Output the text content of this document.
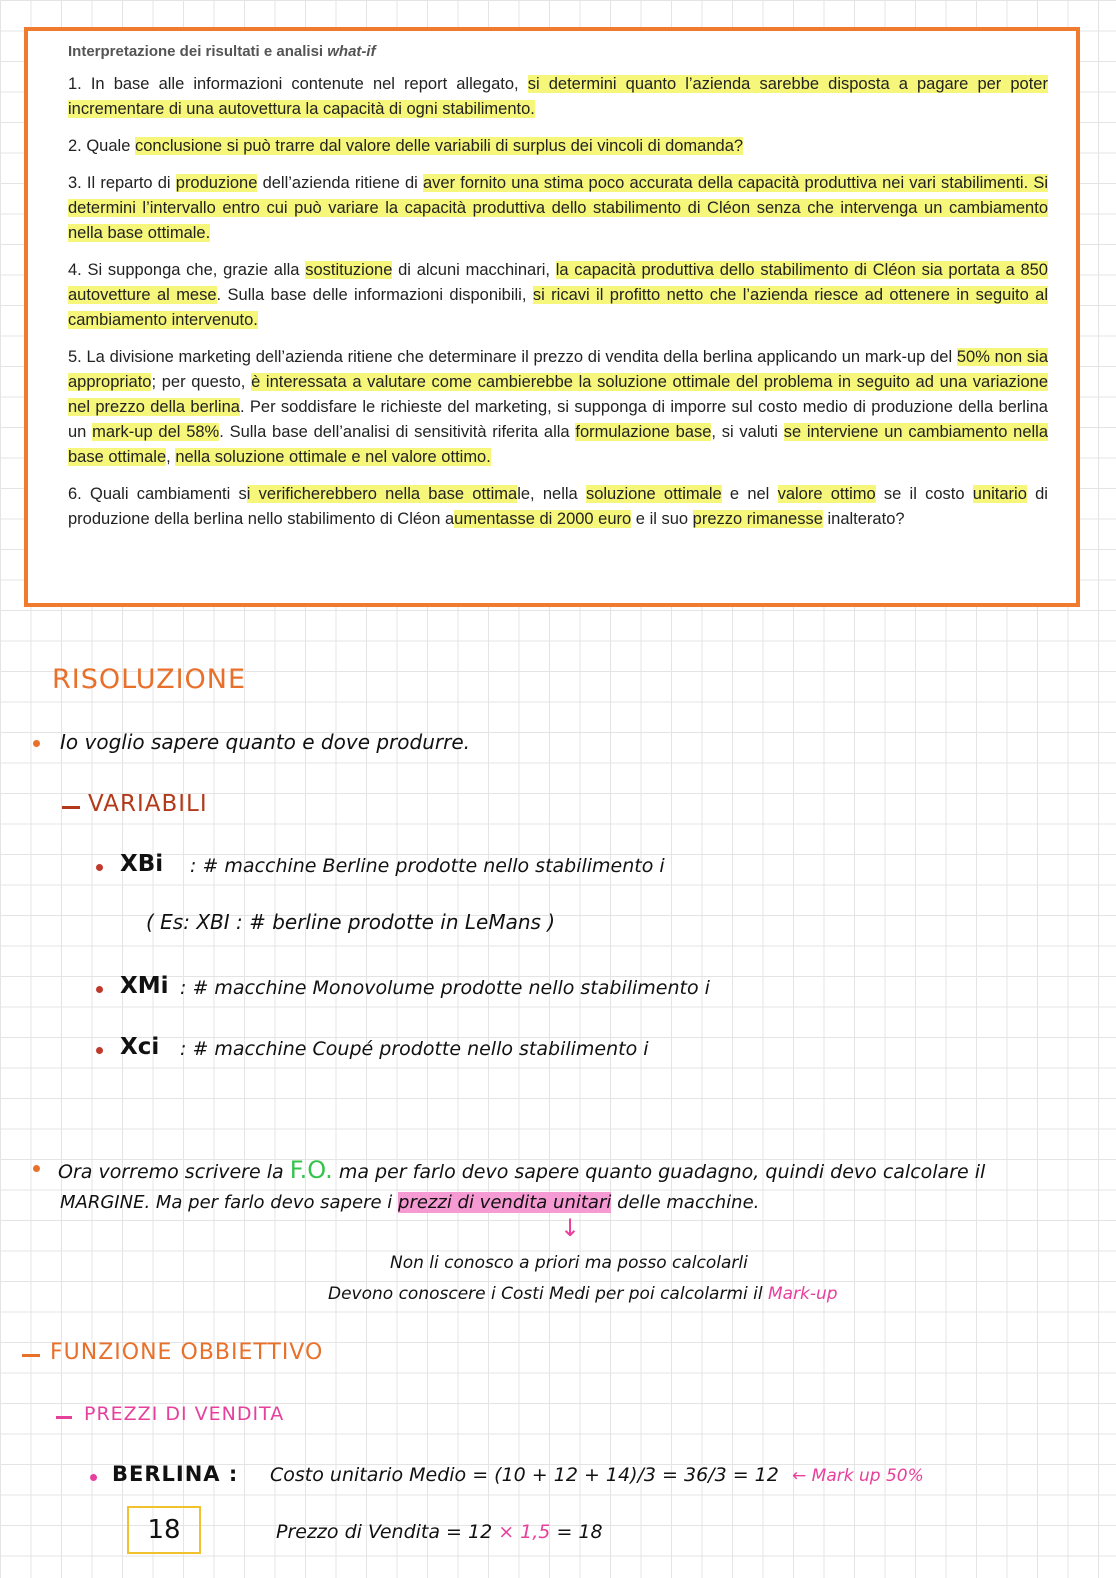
Interpretazione dei risultati e analisi what-if

1. In base alle informazioni contenute nel report allegato, si determini quanto l’azienda sarebbe disposta a pagare per poter incrementare di una autovettura la capacità di ogni stabilimento.

2. Quale conclusione si può trarre dal valore delle variabili di surplus dei vincoli di domanda?

3. Il reparto di produzione dell’azienda ritiene di aver fornito una stima poco accurata della capacità produttiva nei vari stabilimenti. Si determini l’intervallo entro cui può variare la capacità produttiva dello stabilimento di Cléon senza che intervenga un cambiamento nella base ottimale.

4. Si supponga che, grazie alla sostituzione di alcuni macchinari, la capacità produttiva dello stabilimento di Cléon sia portata a 850 autovetture al mese. Sulla base delle informazioni disponibili, si ricavi il profitto netto che l’azienda riesce ad ottenere in seguito al cambiamento intervenuto.

5. La divisione marketing dell’azienda ritiene che determinare il prezzo di vendita della berlina applicando un mark-up del 50% non sia appropriato; per questo, è interessata a valutare come cambierebbe la soluzione ottimale del problema in seguito ad una variazione nel prezzo della berlina. Per soddisfare le richieste del marketing, si supponga di imporre sul costo medio di produzione della berlina un mark-up del 58%. Sulla base dell’analisi di sensitività riferita alla formulazione base, si valuti se interviene un cambiamento nella base ottimale, nella soluzione ottimale e nel valore ottimo.

6. Quali cambiamenti si verificherebbero nella base ottimale, nella soluzione ottimale e nel valore ottimo se il costo unitario di produzione della berlina nello stabilimento di Cléon aumentasse di 2000 euro e il suo prezzo rimanesse inalterato?

RISOLUZIONE
Io voglio sapere quanto e dove produrre.
VARIABILI
XBi : # macchine Berline prodotte nello stabilimento i
( Es: XBI : # berline prodotte in LeMans )
XMi : # macchine Monovolume prodotte nello stabilimento i
Xci : # macchine Coupé prodotte nello stabilimento i
Ora vorremo scrivere la F.O. ma per farlo devo sapere quanto guadagno, quindi devo calcolare il
MARGINE. Ma per farlo devo sapere i prezzi di vendita unitari delle macchine.
↓
Non li conosco a priori ma posso calcolarli
Devono conoscere i Costi Medi per poi calcolarmi il Mark-up
FUNZIONE OBBIETTIVO
PREZZI DI VENDITA
BERLINA : Costo unitario Medio = (10 + 12 + 14)/3 = 36/3 = 12 ← Mark up 50%
18	Prezzo di Vendita = 12 × 1,5 = 18
